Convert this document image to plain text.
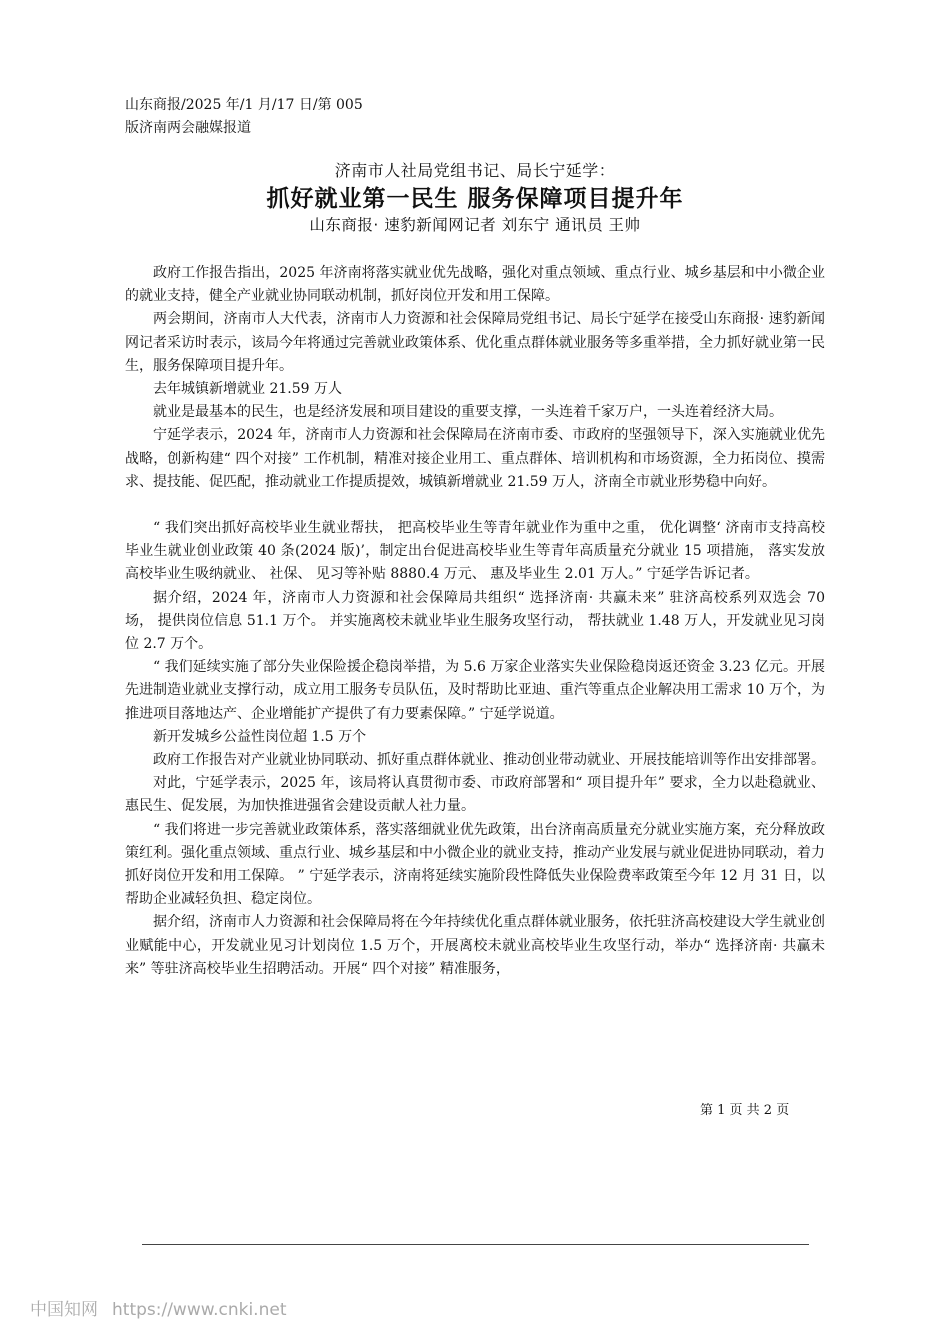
山东商报/2025 年/1 月/17 日/第 005
版济南两会融媒报道
济南市人社局党组书记、局长宁延学：
抓好就业第一民生 服务保障项目提升年
山东商报· 速豹新闻网记者 刘东宁 通讯员 王帅

政府工作报告指出，2025 年济南将落实就业优先战略，强化对重点领域、重点行业、城乡基层和中小微企业的就业支持，健全产业就业协同联动机制，抓好岗位开发和用工保障。

两会期间，济南市人大代表，济南市人力资源和社会保障局党组书记、局长宁延学在接受山东商报· 速豹新闻网记者采访时表示，该局今年将通过完善就业政策体系、优化重点群体就业服务等多重举措，全力抓好就业第一民生，服务保障项目提升年。

去年城镇新增就业 21.59 万人

就业是最基本的民生，也是经济发展和项目建设的重要支撑，一头连着千家万户，一头连着经济大局。

宁延学表示，2024 年，济南市人力资源和社会保障局在济南市委、市政府的坚强领导下，深入实施就业优先战略，创新构建“ 四个对接” 工作机制，精准对接企业用工、重点群体、培训机构和市场资源，全力拓岗位、摸需求、提技能、促匹配，推动就业工作提质提效，城镇新增就业 21.59 万人，济南全市就业形势稳中向好。

“ 我们突出抓好高校毕业生就业帮扶， 把高校毕业生等青年就业作为重中之重， 优化调整‘ 济南市支持高校毕业生就业创业政策 40 条(2024 版)’，制定出台促进高校毕业生等青年高质量充分就业 15 项措施， 落实发放高校毕业生吸纳就业、 社保、 见习等补贴 8880.4 万元、 惠及毕业生 2.01 万人。” 宁延学告诉记者。

据介绍，2024 年，济南市人力资源和社会保障局共组织“ 选择济南· 共赢未来” 驻济高校系列双选会 70 场， 提供岗位信息 51.1 万个。 并实施离校未就业毕业生服务攻坚行动， 帮扶就业 1.48 万人，开发就业见习岗位 2.7 万个。

“ 我们延续实施了部分失业保险援企稳岗举措，为 5.6 万家企业落实失业保险稳岗返还资金 3.23 亿元。开展先进制造业就业支撑行动，成立用工服务专员队伍，及时帮助比亚迪、重汽等重点企业解决用工需求 10 万个，为推进项目落地达产、企业增能扩产提供了有力要素保障。” 宁延学说道。

新开发城乡公益性岗位超 1.5 万个

政府工作报告对产业就业协同联动、抓好重点群体就业、推动创业带动就业、开展技能培训等作出安排部署。

对此，宁延学表示，2025 年，该局将认真贯彻市委、市政府部署和“ 项目提升年” 要求，全力以赴稳就业、惠民生、促发展，为加快推进强省会建设贡献人社力量。

“ 我们将进一步完善就业政策体系，落实落细就业优先政策，出台济南高质量充分就业实施方案，充分释放政策红利。强化重点领域、重点行业、城乡基层和中小微企业的就业支持，推动产业发展与就业促进协同联动，着力抓好岗位开发和用工保障。 ” 宁延学表示，济南将延续实施阶段性降低失业保险费率政策至今年 12 月 31 日，以帮助企业减轻负担、稳定岗位。

据介绍，济南市人力资源和社会保障局将在今年持续优化重点群体就业服务，依托驻济高校建设大学生就业创业赋能中心，开发就业见习计划岗位 1.5 万个，开展离校未就业高校毕业生攻坚行动，举办“ 选择济南· 共赢未来” 等驻济高校毕业生招聘活动。开展“ 四个对接” 精准服务，

第 1 页 共 2 页
中国知网 https://www.cnki.net
